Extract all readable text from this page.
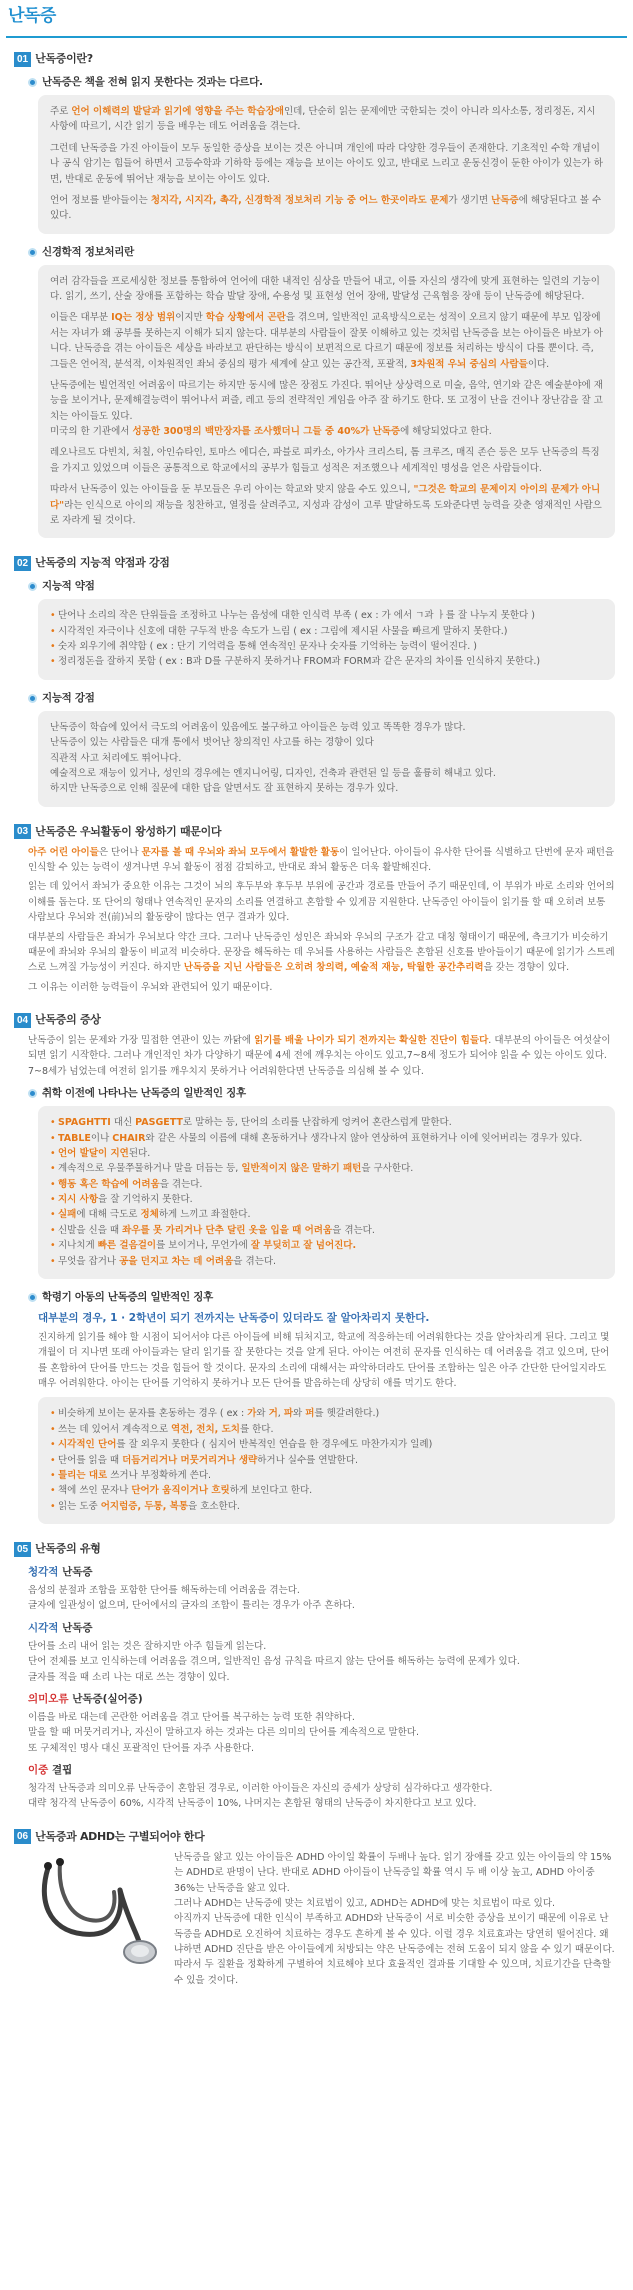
난독증
01 난독증이란?
난독증은 책을 전혀 읽지 못한다는 것과는 다르다.

주로 언어 이해력의 발달과 읽기에 영향을 주는 학습장애인데, 단순히 읽는 문제에만 국한되는 것이 아니라 의사소통, 정리정돈, 지시사항에 따르기, 시간 읽기 등을 배우는 데도 어려움을 겪는다.

그런데 난독증을 가진 아이들이 모두 동일한 증상을 보이는 것은 아니며 개인에 따라 다양한 경우들이 존재한다. 기초적인 수학 개념이나 공식 암기는 힘들어 하면서 고등수학과 기하학 등에는 재능을 보이는 아이도 있고, 반대로 느리고 운동신경이 둔한 아이가 있는가 하면, 반대로 운동에 뛰어난 재능을 보이는 아이도 있다.

언어 정보를 받아들이는 청지각, 시지각, 촉각, 신경학적 정보처리 기능 중 어느 한곳이라도 문제가 생기면 난독증에 해당된다고 볼 수 있다.

신경학적 정보처리란

여러 감각들을 프로세싱한 정보를 통합하여 언어에 대한 내적인 심상을 만들어 내고, 이를 자신의 생각에 맞게 표현하는 일련의 기능이다. 읽기, 쓰기, 산술 장애를 포함하는 학습 발달 장애, 수용성 및 표현성 언어 장애, 발달성 근육협응 장애 등이 난독증에 해당된다.

이들은 대부분 IQ는 정상 범위이지만 학습 상황에서 곤란을 겪으며, 일반적인 교육방식으로는 성적이 오르지 않기 때문에 부모 입장에서는 자녀가 왜 공부를 못하는지 이해가 되지 않는다. 대부분의 사람들이 잘못 이해하고 있는 것처럼 난독증을 보는 아이들은 바보가 아니다. 난독증을 겪는 아이들은 세상을 바라보고 판단하는 방식이 보편적으로 다르기 때문에 정보를 처리하는 방식이 다를 뿐이다. 즉, 그들은 언어적, 분석적, 이차원적인 좌뇌 중심의 평가 세계에 살고 있는 공간적, 포괄적, 3차원적 우뇌 중심의 사람들이다.

난독증에는 빌언적인 어려움이 따르기는 하지만 동시에 많은 장점도 가진다. 뛰어난 상상력으로 미술, 음악, 연기와 같은 예술분야에 재능을 보이거나, 문제해결능력이 뛰어나서 퍼즐, 레고 등의 전략적인 게임을 아주 잘 하기도 한다. 또 고정이 난을 건이나 장난감을 잘 고치는 아이들도 있다.
미국의 한 기관에서 성공한 300명의 백만장자를 조사했더니 그들 중 40%가 난독증에 해당되었다고 한다.

레오나르도 다빈치, 처칠, 아인슈타인, 토마스 에디슨, 파블로 피카소, 아가사 크리스티, 톰 크루즈, 매직 존슨 등은 모두 난독증의 특징을 가지고 있었으며 이들은 공통적으로 학교에서의 공부가 힘들고 성적은 저조했으나 세계적인 명성을 얻은 사람들이다.

따라서 난독증이 있는 아이들을 둔 부모들은 우리 아이는 학교와 맞지 않을 수도 있으니, "그것은 학교의 문제이지 아이의 문제가 아니다"라는 인식으로 아이의 재능을 칭찬하고, 열정을 살려주고, 지성과 감성이 고루 발달하도록 도와준다면 능력을 갖춘 영재적인 사람으로 자라게 될 것이다.

02 난독증의 지능적 약점과 강점
지능적 약점
• 단어나 소리의 작은 단위들을 조정하고 나누는 음성에 대한 인식력 부족 ( ex : 가 에서 ㄱ과 ㅏ를 잘 나누지 못한다 )
• 시각적인 자극이나 신호에 대한 구두적 반응 속도가 느림 ( ex : 그림에 제시된 사물을 빠르게 말하지 못한다.)
• 숫자 외우기에 취약함 ( ex : 단기 기억력을 통해 연속적인 문자나 숫자를 기억하는 능력이 떨어진다. )
• 정리정돈을 잘하지 못함 ( ex : B과 D를 구분하지 못하거나 FROM과 FORM과 같은 문자의 차이를 인식하지 못한다.)
지능적 강점
난독증이 학습에 있어서 극도의 어려움이 있음에도 불구하고 아이들은 능력 있고 똑똑한 경우가 많다.
난독증이 있는 사람들은 대개 통에서 벗어난 창의적인 사고를 하는 경향이 있다
직관적 사고 처리에도 뛰어나다.
예술적으로 재능이 있거나, 성인의 경우에는 엔지니어링, 디자인, 건축과 관련된 일 등을 훌륭히 해내고 있다.
하지만 난독증으로 인해 질문에 대한 답을 알면서도 잘 표현하지 못하는 경우가 있다.
03 난독증은 우뇌활동이 왕성하기 때문이다

아주 어린 아이들은 단어나 문자를 볼 때 우뇌와 좌뇌 모두에서 활발한 활동이 일어난다. 아이들이 유사한 단어를 식별하고 단번에 문자 패턴을 인식할 수 있는 능력이 생겨나면 우뇌 활동이 점점 감퇴하고, 반대로 좌뇌 활동은 더욱 활발해진다.

읽는 데 있어서 좌뇌가 중요한 이유는 그것이 뇌의 후두부와 후두부 부위에 공간과 경로를 만들어 주기 때문인데, 이 부위가 바로 소리와 언어의 이해를 돕는다. 또 단어의 형태나 연속적인 문자의 소리를 연결하고 혼합할 수 있게끔 지원한다. 난독증인 아이들이 읽기를 할 때 오히려 보통 사람보다 우뇌와 전(前)뇌의 활동량이 많다는 연구 결과가 있다.

대부분의 사람들은 좌뇌가 우뇌보다 약간 크다. 그러나 난독증인 성인은 좌뇌와 우뇌의 구조가 같고 대칭 형태이기 때문에, 측크기가 비슷하기 때문에 좌뇌와 우뇌의 활동이 비교적 비슷하다. 문장을 해독하는 데 우뇌를 사용하는 사람들은 혼합된 신호를 받아들이기 때문에 읽기가 스트레스로 느껴질 가능성이 커진다. 하지만 난독증을 지닌 사람들은 오히려 창의력, 예술적 재능, 탁월한 공간추리력을 갖는 경향이 있다.

그 이유는 이러한 능력들이 우뇌와 관련되어 있기 때문이다.

04 난독증의 증상

난독증이 읽는 문제와 가장 밀접한 연관이 있는 까닭에 읽기를 배울 나이가 되기 전까지는 확실한 진단이 힘들다. 대부분의 아이들은 여섯살이 되면 읽기 시작한다. 그러나 개인적인 차가 다양하기 때문에 4세 전에 깨우치는 아이도 있고,7~8세 정도가 되어야 읽을 수 있는 아이도 있다. 7~8세가 넘었는데 여전히 읽기를 깨우치지 못하거나 어려워한다면 난독증을 의심해 볼 수 있다.

취학 이전에 나타나는 난독증의 일반적인 징후
• SPAGHTTI 대신 PASGETT로 말하는 등, 단어의 소리를 난잡하게 엉켜어 혼란스럽게 말한다.
• TABLE이나 CHAIR와 같은 사물의 이름에 대해 혼동하거나 생각나지 않아 연상하여 표현하거나 이에 잊어버리는 경우가 있다.
• 언어 발달이 지연된다.
• 계속적으로 우물쭈물하거나 말을 더듬는 등, 일반적이지 않은 말하기 패턴을 구사한다.
• 행동 혹은 학습에 어려움을 겪는다.
• 지시 사항을 잘 기억하지 못한다.
• 실패에 대해 극도로 정체하게 느끼고 좌절한다.
• 신발을 신을 때 좌우를 못 가리거나 단추 달린 옷을 입을 때 어려움을 겪는다.
• 지나치게 빠른 걸음걸이를 보이거나, 무언가에 잘 부딪히고 잘 넘어진다.
• 무엇을 잡거나 공을 던지고 차는 데 어려움을 겪는다.
학령기 아동의 난독증의 일반적인 징후
대부분의 경우, 1 · 2학년이 되기 전까지는 난독증이 있더라도 잘 알아차리지 못한다.

진지하게 읽기를 해야 할 시점이 되어서야 다른 아이들에 비해 뒤처지고, 학교에 적응하는데 어려워한다는 것을 알아차리게 된다. 그리고 몇 개월이 더 지나면 또래 아이들과는 달리 읽기를 잘 못한다는 것을 알게 된다. 아이는 여전히 문자를 인식하는 데 어려움을 겪고 있으며, 단어를 혼합하여 단어를 만드는 것을 힘들어 할 것이다. 문자의 소리에 대해서는 파악하더라도 단어를 조합하는 일은 아주 간단한 단어일지라도 매우 어려워한다. 아이는 단어를 기억하지 못하거나 모든 단어를 발음하는데 상당히 애를 먹기도 한다.

• 비슷하게 보이는 문자를 혼동하는 경우 ( ex : 가와 거, 파와 퍼를 헷갈려한다.)
• 쓰는 데 있어서 계속적으로 역전, 전치, 도치를 한다.
• 시각적인 단어를 잘 외우지 못한다 ( 심지어 반복적인 연습을 한 경우에도 마찬가지가 일례)
• 단어를 읽을 때 더듬거리거나 머뭇거리거나 생략하거나 실수를 연발한다.
• 틀리는 대로 쓰거나 부정확하게 쓴다.
• 책에 쓰인 문자나 단어가 움직이거나 흐릿하게 보인다고 한다.
• 읽는 도중 어지럼증, 두통, 복통을 호소한다.
05 난독증의 유형
청각적 난독증
음성의 분절과 조합을 포함한 단어를 해독하는데 어려움을 겪는다.
글자에 일관성이 없으며, 단어에서의 글자의 조합이 틀리는 경우가 아주 흔하다.
시각적 난독증
단어를 소리 내어 읽는 것은 잘하지만 아주 힘들게 읽는다.
단어 전체를 보고 인식하는데 어려움을 겪으며, 일반적인 음성 규칙을 따르지 않는 단어를 해독하는 능력에 문제가 있다.
글자를 적을 때 소리 나는 대로 쓰는 경향이 있다.
의미오류 난독증(실어증)
이름을 바로 대는데 곤란한 어려움을 겪고 단어를 복구하는 능력 또한 취약하다.
말을 할 때 머뭇거리거나, 자신이 말하고자 하는 것과는 다른 의미의 단어를 계속적으로 말한다.
또 구체적인 명사 대신 포괄적인 단어를 자주 사용한다.
이중 결핍
청각적 난독증과 의미오류 난독증이 혼합된 경우로, 이러한 아이들은 자신의 증세가 상당히 심각하다고 생각한다.
대략 청각적 난독증이 60%, 시각적 난독증이 10%, 나머지는 혼합된 형태의 난독증이 차지한다고 보고 있다.
06 난독증과 ADHD는 구별되어야 한다
난독증을 앓고 있는 아이들은 ADHD 아이일 확률이 두배나 높다. 읽기 장애를 갖고 있는 아이들의 약 15%는 ADHD로 판명이 난다. 반대로 ADHD 아이들이 난독증일 확률 역시 두 배 이상 높고, ADHD 아이중 36%는 난독증을 앓고 있다.
그러나 ADHD는 난독증에 맞는 치료법이 있고, ADHD는 ADHD에 맞는 치료법이 따로 있다.
아직까지 난독증에 대한 인식이 부족하고 ADHD와 난독증이 서로 비슷한 증상을 보이기 때문에 이유로 난독증을 ADHD로 오진하여 치료하는 경우도 흔하게 볼 수 있다. 이럴 경우 치료효과는 당연히 떨어진다. 왜냐하면 ADHD 진단을 받은 아이들에게 처방되는 약은 난독증에는 전혀 도움이 되지 않을 수 있기 때문이다.
따라서 두 질환을 정확하게 구별하여 치료해야 보다 효율적인 결과를 기대할 수 있으며, 치료기간을 단축할 수 있을 것이다.
